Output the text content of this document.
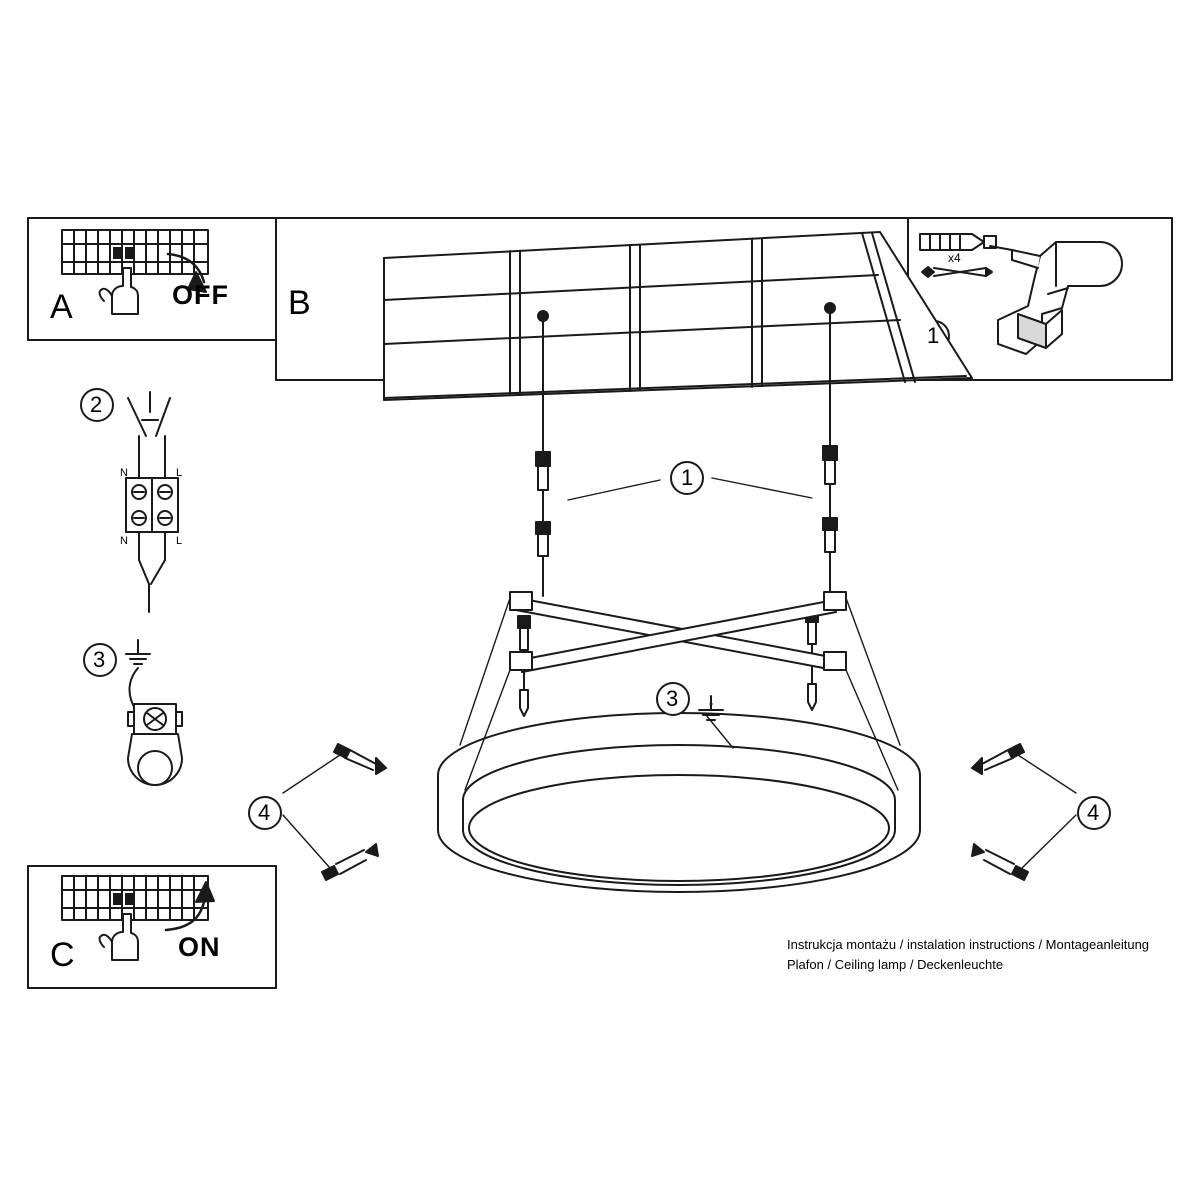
A	OFF B
C	ON
x4
1
1
2
3
3
4	4
N	L
N	L
Instrukcja montażu / instalation instructions / Montageanleitung
Plafon / Ceiling lamp / Deckenleuchte
